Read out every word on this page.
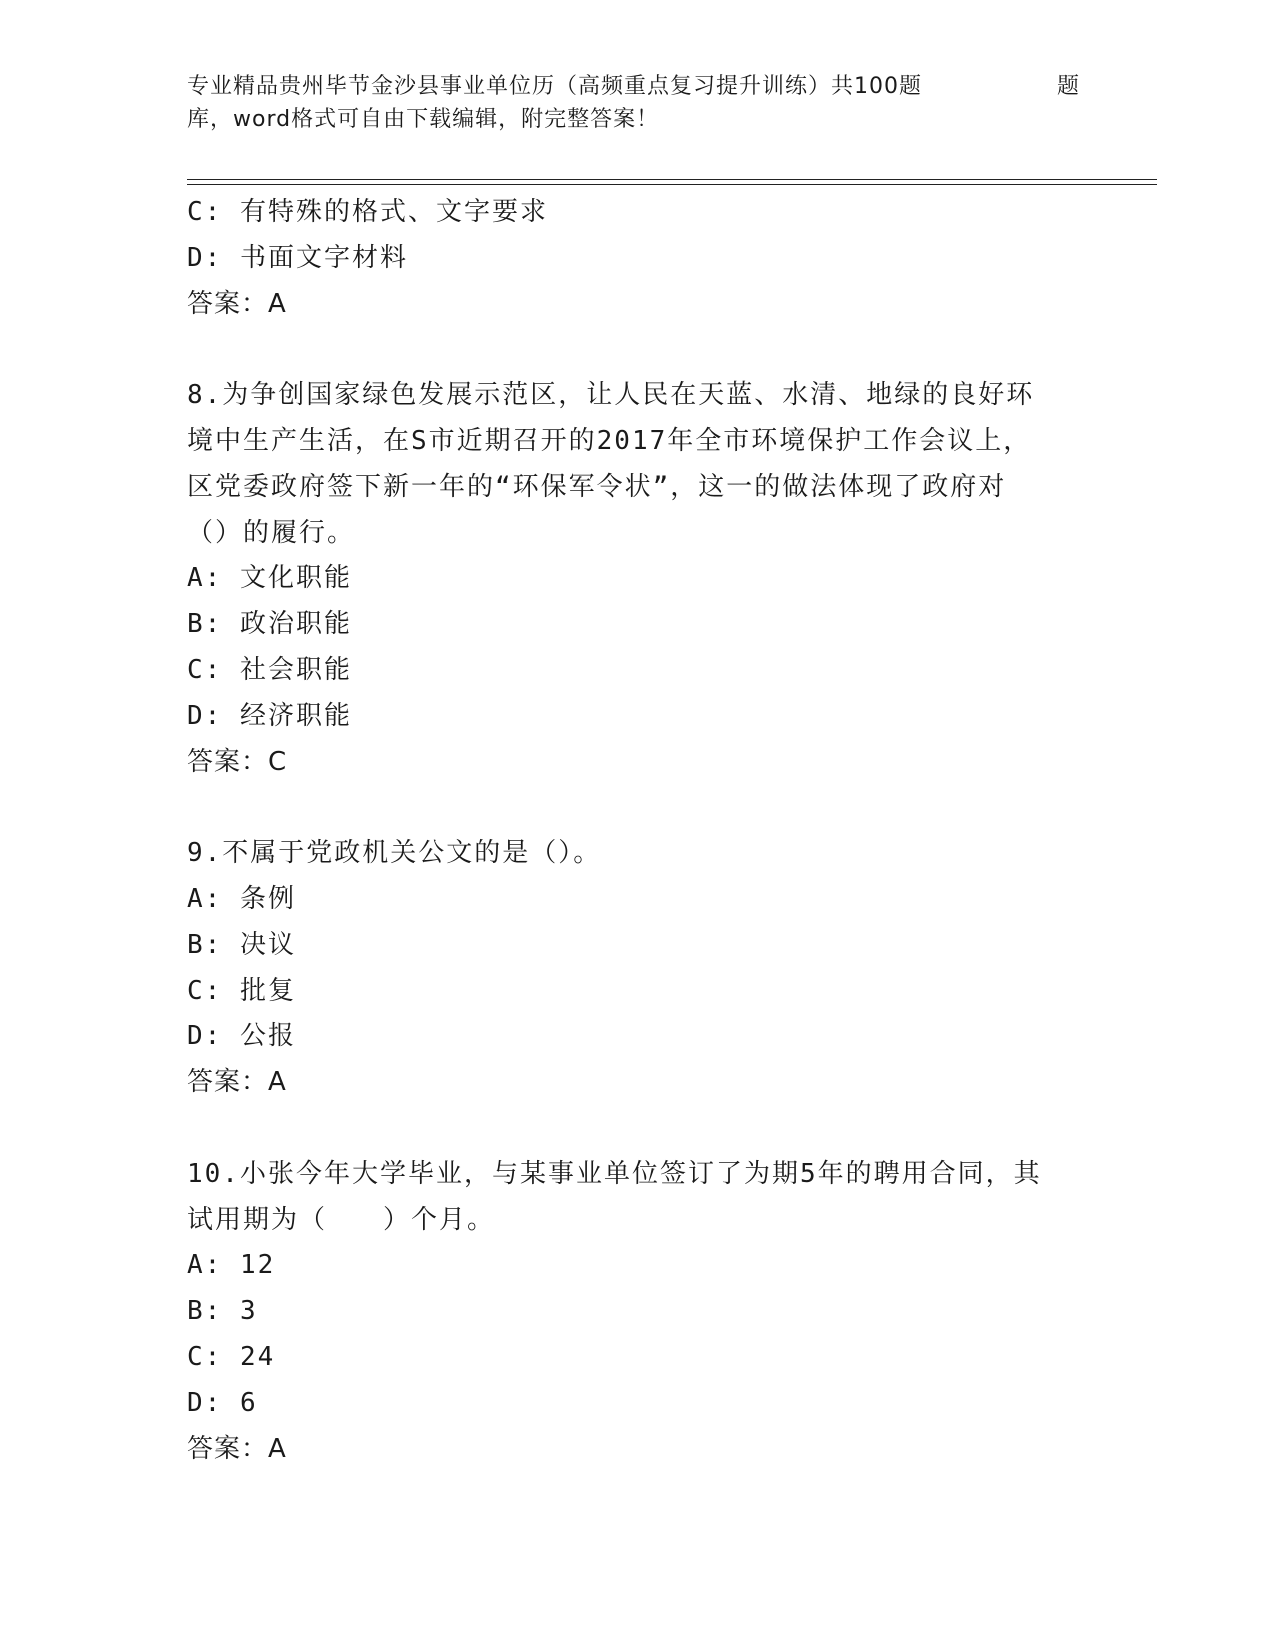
专业精品贵州毕节金沙县事业单位历（高频重点复习提升训练）共100题	题
库，word格式可自由下载编辑，附完整答案！
C: 有特殊的格式、文字要求
D: 书面文字材料
答案：A
8.为争创国家绿色发展示范区，让人民在天蓝、水清、地绿的良好环
境中生产生活，在S市近期召开的2017年全市环境保护工作会议上，
区党委政府签下新一年的“环保军令状”，这一的做法体现了政府对
（）的履行。
A: 文化职能
B: 政治职能
C: 社会职能
D: 经济职能
答案：C
9.不属于党政机关公文的是（）。
A: 条例
B: 决议
C: 批复
D: 公报
答案：A
10.小张今年大学毕业，与某事业单位签订了为期5年的聘用合同，其
试用期为（　　）个月。
A: 12
B: 3
C: 24
D: 6
答案：A
